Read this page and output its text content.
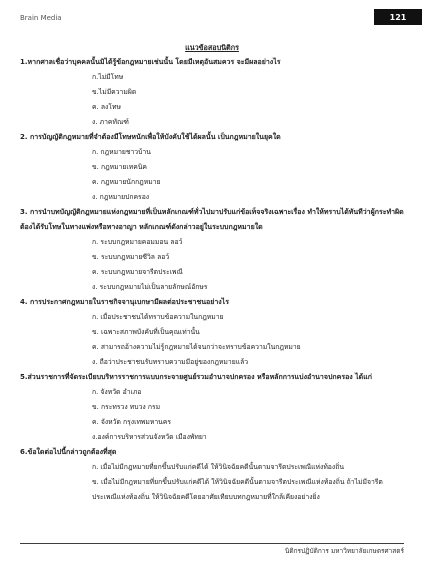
Brain Media	121
แนวข้อสอบนิติกร

1.หากศาลเชื่อว่าบุคคลนั้นมิได้รู้ข้อกฎหมายเช่นนั้น โดยมีเหตุอันสมควร จะมีผลอย่างไร

ก.ไม่มีโทษ

ข.ไม่มีความผิด

ค. ลงโทษ

ง. ภาคทัณฑ์

2. การบัญญัติกฎหมายที่จำต้องมีโทษหนักเพื่อให้บังคับใช้ได้ผลนั้น เป็นกฎหมายในยุคใด

ก. กฎหมายชาวบ้าน

ข. กฎหมายเทคนิค

ค. กฎหมายนักกฎหมาย

ง. กฎหมายปกครอง

3. การนำบทบัญญัติกฎหมายแห่งกฎหมายที่เป็นหลักเกณฑ์ทั่วไปมาปรับแก่ข้อเท็จจริงเฉพาะเรื่อง ทำให้ทราบได้ทันทีว่าผู้กระทำผิดต้องได้รับโทษในทางแพ่งหรือทางอาญา หลักเกณฑ์ดังกล่าวอยู่ในระบบกฎหมายใด

ก. ระบบกฎหมายคอมมอน ลอว์

ข. ระบบกฎหมายซีวิล ลอว์

ค. ระบบกฎหมายจารีตประเพณี

ง. ระบบกฎหมายไม่เป็นลายลักษณ์อักษร

4. การประกาศกฎหมายในราชกิจจานุเบกษามีผลต่อประชาชนอย่างไร

ก. เมื่อประชาชนได้ทราบข้อความในกฎหมาย

ข. เฉพาะสภาพบังคับที่เป็นคุณเท่านั้น

ค. สามารถอ้างความไม่รู้กฎหมายได้จนกว่าจะทราบข้อความในกฎหมาย

ง. ถือว่าประชาชนรับทราบความมีอยู่ของกฎหมายแล้ว

5.ส่วนราชการที่จัดระเบียบบริหารราชการแบบกระจายศูนย์รวมอำนาจปกครอง หรือหลักการแบ่งอำนาจปกครอง ได้แก่

ก. จังหวัด อำเภอ

ข. กระทรวง ทบวง กรม

ค. จังหวัด กรุงเทพมหานคร

ง.องค์การบริหารส่วนจังหวัด เมืองพัทยา

6.ข้อใดต่อไปนี้กล่าวถูกต้องที่สุด

ก. เมื่อไม่มีกฎหมายที่ยกขึ้นปรับแก่คดีได้ ให้วินิจฉัยคดีนั้นตามจารีตประเพณีแห่งท้องถิ่น

ข. เมื่อไม่มีกฎหมายที่ยกขึ้นปรับแก่คดีได้ ให้วินิจฉัยคดีนั้นตามจารีตประเพณีแห่งท้องถิ่น ถ้าไม่มีจารีตประเพณีแห่งท้องถิ่น ให้วินิจฉัยคดีโดยอาศัยเทียบบทกฎหมายที่ใกล้เคียงอย่างยิ่ง

นิติกรปฏิบัติการ มหาวิทยาลัยเกษตรศาสตร์
